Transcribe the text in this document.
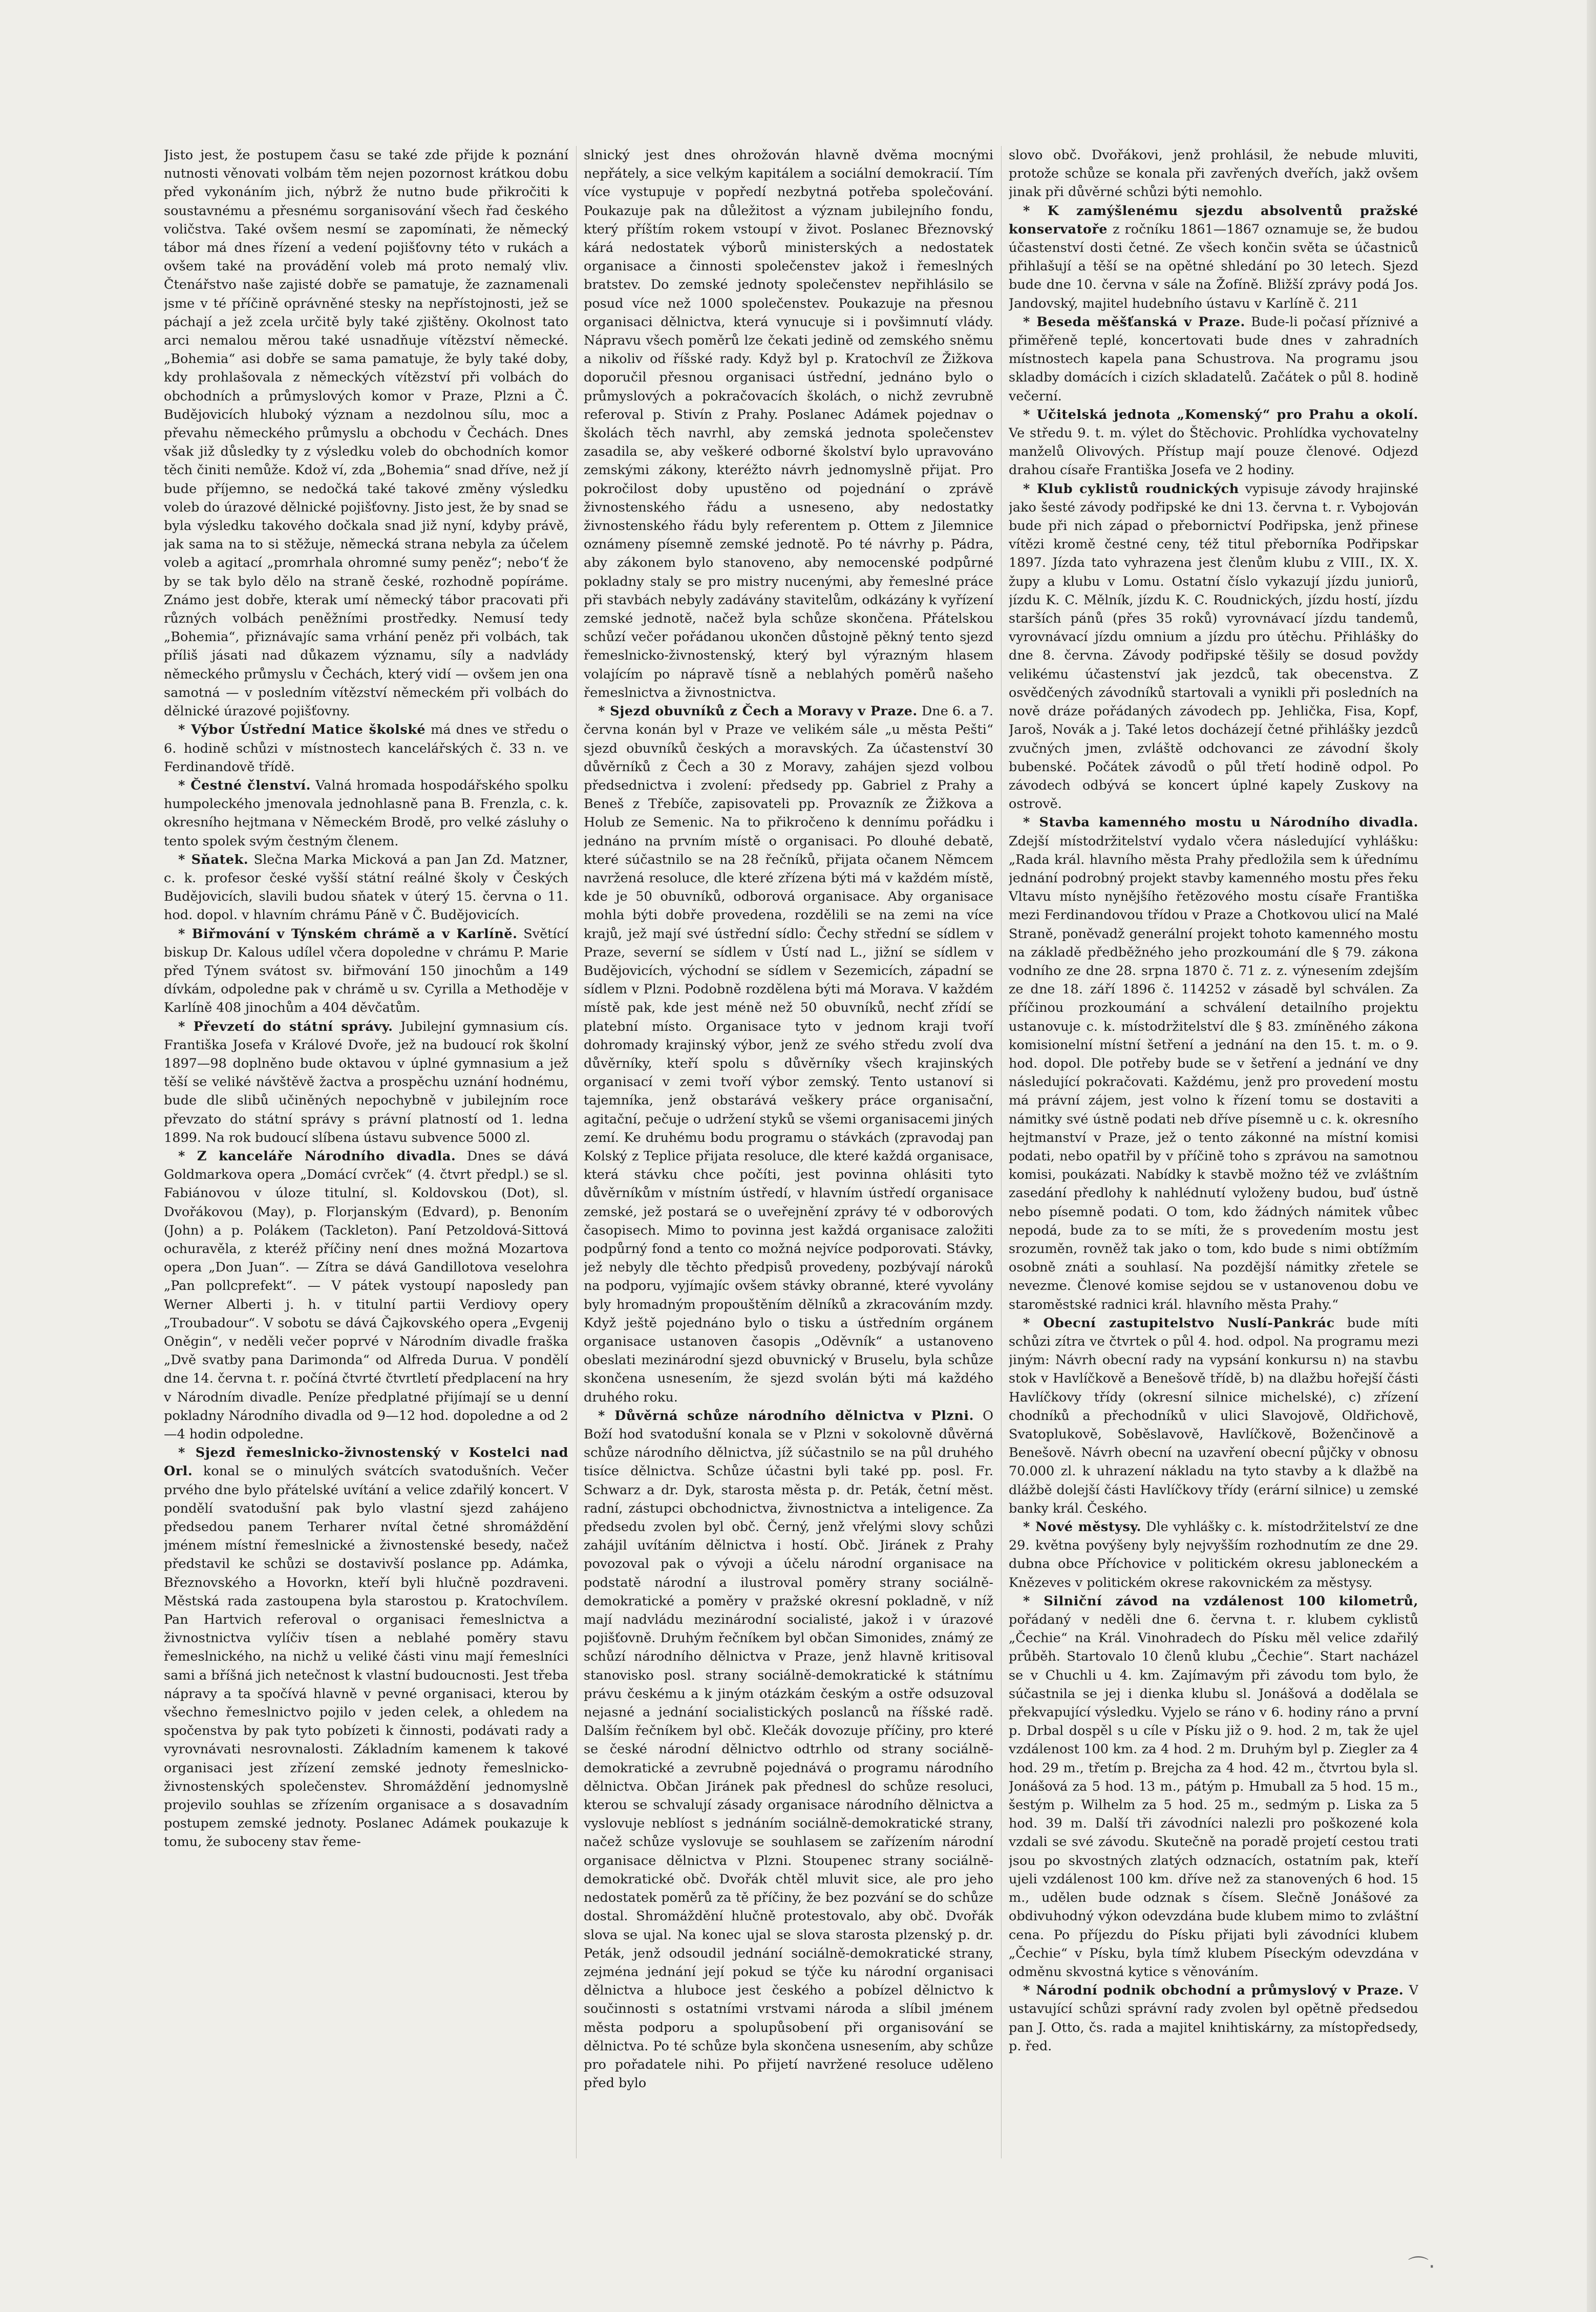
Jisto jest, že postupem času se také zde přijde k poznání nutnosti věnovati volbám těm nejen pozornost krátkou dobu před vykonáním jich, nýbrž že nutno bude přikročiti k soustavnému a přesnému sorganisování všech řad českého voličstva. Také ovšem nesmí se zapomínati, že německý tábor má dnes řízení a vedení pojišťovny této v rukách a ovšem také na provádění voleb má proto nemalý vliv. Čtenářstvo naše zajisté dobře se pamatuje, že zaznamenali jsme v té příčině oprávněné stesky na nepřístojnosti, jež se páchají a jež zcela určitě byly také zjištěny. Okolnost tato arci nemalou měrou také usnadňuje vítězství německé. „Bohemia“ asi dobře se sama pamatuje, že byly také doby, kdy prohlašovala z německých vítězství při volbách do obchodních a průmyslových komor v Praze, Plzni a Č. Budějovicích hluboký význam a nezdolnou sílu, moc a převahu německého průmyslu a obchodu v Čechách. Dnes však již důsledky ty z výsledku voleb do obchodních komor těch činiti nemůže. Kdož ví, zda „Bohemia“ snad dříve, než jí bude příjemno, se nedočká také takové změny výsledku voleb do úrazové dělnické pojišťovny. Jisto jest, že by snad se byla výsledku takového dočkala snad již nyní, kdyby právě, jak sama na to si stěžuje, německá strana nebyla za účelem voleb a agitací „promrhala ohromné sumy peněz“; nebo‘ť že by se tak bylo dělo na straně české, rozhodně popíráme. Známo jest dobře, kterak umí německý tábor pracovati při různých volbách peněžními prostředky. Nemusí tedy „Bohemia“, přiznávajíc sama vrhání peněz při volbách, tak příliš jásati nad důkazem významu, síly a nadvlády německého průmyslu v Čechách, který vidí — ovšem jen ona samotná — v posledním vítězství německém při volbách do dělnické úrazové pojišťovny.

* Výbor Ústřední Matice školské má dnes ve středu o 6. hodině schůzi v místnostech kancelářských č. 33 n. ve Ferdinandově třídě.

* Čestné členství. Valná hromada hospodářského spolku humpoleckého jmenovala jednohlasně pana B. Frenzla, c. k. okresního hejtmana v Německém Brodě, pro velké zásluhy o tento spolek svým čestným členem.

* Sňatek. Slečna Marka Micková a pan Jan Zd. Matzner, c. k. profesor české vyšší státní reálné školy v Českých Budějovicích, slavili budou sňatek v úterý 15. června o 11. hod. dopol. v hlavním chrámu Páně v Č. Budějovicích.

* Biřmování v Týnském chrámě a v Karlíně. Světící biskup Dr. Kalous udílel včera dopoledne v chrámu P. Marie před Týnem svátost sv. biřmování 150 jinochům a 149 dívkám, odpoledne pak v chrámě u sv. Cyrilla a Methoděje v Karlíně 408 jinochům a 404 děvčatům.

* Převzetí do státní správy. Jubilejní gymnasium cís. Františka Josefa v Králové Dvoře, jež na budoucí rok školní 1897—98 doplněno bude oktavou v úplné gymnasium a jež těší se veliké návštěvě žactva a prospěchu uznání hodnému, bude dle slibů učiněných nepochybně v jubilejním roce převzato do státní správy s právní platností od 1. ledna 1899. Na rok budoucí slíbena ústavu subvence 5000 zl.

* Z kanceláře Národního divadla. Dnes se dává Goldmarkova opera „Domácí cvrček“ (4. čtvrt předpl.) se sl. Fabiánovou v úloze titulní, sl. Koldovskou (Dot), sl. Dvořákovou (May), p. Florjanským (Edvard), p. Benoním (John) a p. Polákem (Tackleton). Paní Petzoldová-Sittová ochuravěla, z kteréž příčiny není dnes možná Mozartova opera „Don Juan“. — Zítra se dává Gandillotova veselohra „Pan pollcprefekt“. — V pátek vystoupí naposledy pan Werner Alberti j. h. v titulní partii Verdiovy opery „Troubadour“. V sobotu se dává Čajkovského opera „Evgenij Oněgin“, v neděli večer poprvé v Národním divadle fraška „Dvě svatby pana Darimonda“ od Alfreda Duruа. V pondělí dne 14. června t. r. počíná čtvrté čtvrtletí předplacení na hry v Národním divadle. Peníze předplatné přijímají se u denní pokladny Národního divadla od 9—12 hod. dopoledne a od 2—4 hodin odpoledne.

* Sjezd řemeslnicko-živnostenský v Kostelci nad Orl. konal se o minulých svátcích svatodušních. Večer prvého dne bylo přátelské uvítání a velice zdařilý koncert. V pondělí svatodušní pak bylo vlastní sjezd zahájeno předsedou panem Terharer nvítal četné shromáždění jménem místní řemeslnické a živnostenské besedy, načež představil ke schůzi se dostavivší poslance pp. Adámka, Březnovského a Hovorkn, kteří byli hlučně pozdraveni. Městská rada zastoupena byla starostou p. Kratochvílem. Pan Hartvich referoval o organisaci řemeslnictva a živnostnictva vylíčiv tísen a neblahé poměry stavu řemeslnického, na nichž u veliké části vinu mají řemeslníci sami a bříšná jich netečnost k vlastní budoucnosti. Jest třeba nápravy a ta spočívá hlavně v pevné organisaci, kterou by všechno řemeslnictvo pojilo v jeden celek, a ohledem na spočenstva by pak tyto pobízeti k činnosti, podávati rady a vyrovnávati nesrovnalosti. Základním kamenem k takové organisaci jest zřízení zemské jednoty řemeslnicko-živnostenských společenstev. Shromáždění jednomyslně projevilo souhlas se zřízením organisace a s dosavadním postupem zemské jednoty. Poslanec Adámek poukazuje k tomu, že suboceny stav řeme-

slnický jest dnes ohrožován hlavně dvěma mocnými nepřátely, a sice velkým kapitálem a sociální demokracií. Tím více vystupuje v popředí nezbytná potřeba společování. Poukazuje pak na důležitost a význam jubilejního fondu, který příštím rokem vstoupí v život. Poslanec Březnovský kárá nedostatek výborů ministerských a nedostatek organisace a činnosti společenstev jakož i řemeslných bratstev. Do zemské jednoty společenstev nepřihlásilo se posud více než 1000 společenstev. Poukazuje na přesnou organisaci dělnictva, která vynucuje si i povšimnutí vlády. Nápravu všech poměrů lze čekati jedině od zemského sněmu a nikoliv od říšské rady. Když byl p. Kratochvíl ze Žižkova doporučil přesnou organisaci ústřední, jednáno bylo o průmyslových a pokračovacích školách, o nichž zevrubně referoval p. Stivín z Prahy. Poslanec Adámek pojednav o školách těch navrhl, aby zemská jednota společenstev zasadila se, aby veškeré odborné školství bylo upravováno zemskými zákony, kteréžto návrh jednomyslně přijat. Pro pokročilost doby upustěno od pojednání o zprávě živnostenského řádu a usneseno, aby nedostatky živnostenského řádu byly referentem p. Ottem z Jilemnice oznámeny písemně zemské jednotě. Po té návrhy p. Pádra, aby zákonem bylo stanoveno, aby nemocenské podpůrné pokladny staly se pro mistry nucenými, aby řemeslné práce při stavbách nebyly zadávány stavitelům, odkázány k vyřízení zemské jednotě, načež byla schůze skončena. Přátelskou schůzí večer pořádanou ukončen důstojně pěkný tento sjezd řemeslnicko-živnostenský, který byl výrazným hlasem volajícím po nápravě tísně a neblahých poměrů našeho řemeslnictva a živnostnictva.

* Sjezd obuvníků z Čech a Moravy v Praze. Dne 6. a 7. června konán byl v Praze ve velikém sále „u města Pešti“ sjezd obuvníků českých a moravských. Za účastenství 30 důvěrníků z Čech a 30 z Moravy, zahájen sjezd volbou předsednictva i zvolení: předsedy pp. Gabriel z Prahy a Beneš z Třebíče, zapisovateli pp. Provazník ze Žižkova a Holub ze Semenic. Na to přikročeno k dennímu pořádku i jednáno na prvním místě o organisaci. Po dlouhé debatě, které súčastnilo se na 28 řečníků, přijata očanem Němcem navržená resoluce, dle které zřízena býti má v každém místě, kde je 50 obuvníků, odborová organisace. Aby organisace mohla býti dobře provedena, rozdělili se na zemi na více krajů, jež mají své ústřední sídlo: Čechy střední se sídlem v Praze, severní se sídlem v Ústí nad L., jižní se sídlem v Budějovicích, východní se sídlem v Sezemicích, západní se sídlem v Plzni. Podobně rozdělena býti má Morava. V každém místě pak, kde jest méně než 50 obuvníků, nechť zřídí se platební místo. Organisace tyto v jednom kraji tvoří dohromady krajinský výbor, jenž ze svého středu zvolí dva důvěrníky, kteří spolu s důvěrníky všech krajinských organisací v zemi tvoří výbor zemský. Tento ustanoví si tajemníka, jenž obstarává veškery práce organisační, agitační, pečuje o udržení styků se všemi organisacemi jiných zemí. Ke druhému bodu programu o stávkách (zpravodaj pan Kolský z Teplice přijata resoluce, dle které každá organisace, která stávku chce počíti, jest povinna ohlásiti tyto důvěrníkům v místním ústředí, v hlavním ústředí organisace zemské, jež postará se o uveřejnění zprávy té v odborových časopisech. Mimo to povinna jest každá organisace založiti podpůrný fond a tento co možná nejvíce podporovati. Stávky, jež nebyly dle těchto předpisů provedeny, pozbývají nároků na podporu, vyjímajíc ovšem stávky obranné, které vyvolány byly hromadným propouštěním dělníků a zkracováním mzdy. Když ještě pojednáno bylo o tisku a ústředním orgánem organisace ustanoven časopis „Oděvník“ a ustanoveno obeslati mezinárodní sjezd obuvnický v Bruselu, byla schůze skončena usnesením, že sjezd svolán býti má každého druhého roku.

* Důvěrná schůze národního dělnictva v Plzni. O Boží hod svatodušní konala se v Plzni v sokolovně důvěrná schůze národního dělnictva, jíž súčastnilo se na půl druhého tisíce dělnictva. Schůze účastni byli také pp. posl. Fr. Schwarz a dr. Dyk, starosta města p. dr. Peták, četní měst. radní, zástupci obchodnictva, živnostnictva a inteligence. Za předsedu zvolen byl obč. Černý, jenž vřelými slovy schůzi zahájil uvítáním dělnictva i hostí. Obč. Jiránek z Prahy povozoval pak o vývoji a účelu národní organisace na podstatě národní a ilustroval poměry strany sociálně-demokratické a poměry v pražské okresní pokladně, v níž mají nadvládu mezinárodní socialisté, jakož i v úrazové pojišťovně. Druhým řečníkem byl občan Simonides, známý ze schůzí národního dělnictva v Praze, jenž hlavně kritisoval stanovisko posl. strany sociálně-demokratické k státnímu právu českému a k jiným otázkám českým a ostře odsuzoval nejasné a jednání socialistických poslanců na říšské radě. Dalším řečníkem byl obč. Klečák dovozuje příčiny, pro které se české národní dělnictvo odtrhlo od strany sociálně-demokratické a zevrubně pojednává o programu národního dělnictva. Občan Jiránek pak přednesl do schůze resoluci, kterou se schvalují zásady organisace národního dělnictva a vyslovuje neblíost s jednáním sociálně-demokratické strany, načež schůze vyslovuje se souhlasem se zařízením národní organisace dělnictva v Plzni. Stoupenec strany sociálně-demokratické obč. Dvořák chtěl mluvit sice, ale pro jeho nedostatek poměrů za tě příčiny, že bez pozvání se do schůze dostal. Shromáždění hlučně protestovalo, aby obč. Dvořák slova se ujal. Na konec ujal se slova starosta plzenský p. dr. Peták, jenž odsoudil jednání sociálně-demokratické strany, zejména jednání její pokud se týče ku národní organisaci dělnictva a hluboce jest českého a pobízel dělnictvo k součinnosti s ostatními vrstvami národa a slíbil jménem města podporu a spolupůsobení při organisování se dělnictva. Po té schůze byla skončena usnesením, aby schůze pro pořadatele nihi. Po přijetí navržené resoluce uděleno před bylo

slovo obč. Dvořákovi, jenž prohlásil, že nebude mluviti, protože schůze se konala při zavřených dveřích, jakž ovšem jinak při důvěrné schůzi býti nemohlo.

* K zamýšlenému sjezdu absolventů pražské konservatoře z ročníku 1861—1867 oznamuje se, že budou účastenství dosti četné. Ze všech končin světa se účastniců přihlašují a těší se na opětné shledání po 30 letech. Sjezd bude dne 10. června v sále na Žofíně. Bližší zprávy podá Jos. Jandovský, majitel hudebního ústavu v Karlíně č. 211

* Beseda měšťanská v Praze. Bude-li počasí příznivé a přiměřeně teplé, koncertovati bude dnes v zahradních místnostech kapela pana Schustrova. Na programu jsou skladby domácích i cizích skladatelů. Začátek o půl 8. hodině večerní.

* Učitelská jednota „Komenský“ pro Prahu a okolí. Ve středu 9. t. m. výlet do Štěchovic. Prohlídka vychovatelny manželů Olivových. Přístup mají pouze členové. Odjezd drahou císaře Františka Josefa ve 2 hodiny.

* Klub cyklistů roudnických vypisuje závody hrajinské jako šesté závody podřipské ke dni 13. června t. r. Vybojován bude při nich západ o přebornictví Podřipska, jenž přinese vítězi kromě čestné ceny, též titul přeborníka Podřipskar 1897. Jízda tato vyhrazena jest členům klubu z VIII., IX. X. župy a klubu v Lomu. Ostatní číslo vykazují jízdu juniorů, jízdu K. C. Mělník, jízdu K. C. Roudnických, jízdu hostí, jízdu starších pánů (přes 35 roků) vyrovnávací jízdu tandemů, vyrovnávací jízdu omnium a jízdu pro útěchu. Přihlášky do dne 8. června. Závody podřipské těšily se dosud povždy velikému účastenství jak jezdců, tak obecenstva. Z osvědčených závodníků startovali a vynikli při posledních na nově dráze pořádaných závodech pp. Jehlička, Fisa, Kopf, Jaroš, Novák a j. Také letos docházejí četné přihlášky jezdců zvučných jmen, zvláště odchovanci ze závodní školy bubenské. Počátek závodů o půl třetí hodině odpol. Po závodech odbývá se koncert úplné kapely Zuskovy na ostrově.

* Stavba kamenného mostu u Národního divadla. Zdejší místodržitelství vydalo včera následující vyhlášku: „Rada král. hlavního města Prahy předložila sem k úřednímu jednání podrobný projekt stavby kamenného mostu přes řeku Vltavu místo nynějšího řetězového mostu císaře Františka mezi Ferdinandovou třídou v Praze a Chotkovou ulicí na Malé Straně, poněvadž generální projekt tohoto kamenného mostu na základě předběžného jeho prozkoumání dle § 79. zákona vodního ze dne 28. srpna 1870 č. 71 z. z. výnesením zdejším ze dne 18. září 1896 č. 114252 v zásadě byl schválen. Za příčinou prozkoumání a schválení detailního projektu ustanovuje c. k. místodržitelství dle § 83. zmíněného zákona komisionelní místní šetření a jednání na den 15. t. m. o 9. hod. dopol. Dle potřeby bude se v šetření a jednání ve dny následující pokračovati. Každému, jenž pro provedení mostu má právní zájem, jest volno k řízení tomu se dostaviti a námitky své ústně podati neb dříve písemně u c. k. okresního hejtmanství v Praze, jež o tento zákonné na místní komisi podati, nebo opatřil by v příčině toho s zprávou na samotnou komisi, poukázati. Nabídky k stavbě možno též ve zvláštním zasedání předlohy k nahlédnutí vyloženy budou, buď ústně nebo písemně podati. O tom, kdo žádných námitek vůbec nepodá, bude za to se míti, že s provedením mostu jest srozuměn, rovněž tak jako o tom, kdo bude s nimi obtížmím osobně znáti a souhlasí. Na pozdější námitky zřetele se nevezme. Členové komise sejdou se v ustanovenou dobu ve staroměstské radnici král. hlavního města Prahy.“

* Obecní zastupitelstvo Nuslí-Pankrác bude míti schůzi zítra ve čtvrtek o půl 4. hod. odpol. Na programu mezi jiným: Návrh obecní rady na vypsání konkursu n) na stavbu stok v Havlíčkově a Benešově třídě, b) na dlažbu hořejší části Havlíčkovy třídy (okresní silnice michelské), c) zřízení chodníků a přechodníků v ulici Slavojově, Oldřichově, Svatoplukově, Soběslavově, Havlíčkově, Boženčinově a Benešově. Návrh obecní na uzavření obecní půjčky v obnosu 70.000 zl. k uhrazení nákladu na tyto stavby a k dlažbě na dlážbě dolejší části Havlíčkovy třídy (erární silnice) u zemské banky král. Českého.

* Nové městysy. Dle vyhlášky c. k. místodržitelství ze dne 29. května povýšeny byly nejvyšším rozhodnutím ze dne 29. dubna obce Příchovice v politickém okresu jabloneckém a Knězeves v politickém okrese rakovnickém za městysy.

* Silniční závod na vzdálenost 100 kilometrů, pořádaný v neděli dne 6. června t. r. klubem cyklistů „Čechie“ na Král. Vinohradech do Písku měl velice zdařilý průběh. Startovalo 10 členů klubu „Čechie“. Start nacházel se v Chuchli u 4. km. Zajímavým při závodu tom bylo, že súčastnila se jej i dienka klubu sl. Jonášová a dodělala se překvapující výsledku. Vyjelo se ráno v 6. hodiny ráno a první p. Drbal dospěl s u cíle v Písku již o 9. hod. 2 m, tak že ujel vzdálenost 100 km. za 4 hod. 2 m. Druhým byl p. Ziegler za 4 hod. 29 m., třetím p. Brejcha za 4 hod. 42 m., čtvrtou byla sl. Jonášová za 5 hod. 13 m., pátým p. Hmuball za 5 hod. 15 m., šestým p. Wilhelm za 5 hod. 25 m., sedmým p. Liska za 5 hod. 39 m. Další tři závodníci nalezli pro poškozené kola vzdali se své závodu. Skutečně na poradě projetí cestou trati jsou po skvostných zlatých odznacích, ostatním pak, kteří ujeli vzdálenost 100 km. dříve než za stanovených 6 hod. 15 m., udělen bude odznak s čísem. Slečně Jonášové za obdivuhodný výkon odevzdána bude klubem mimo to zvláštní cena. Po příjezdu do Písku přijati byli závodníci klubem „Čechie“ v Písku, byla tímž klubem Píseckým odevzdána v odměnu skvostná kytice s věnováním.

* Národní podnik obchodní a průmyslový v Praze. V ustavující schůzi správní rady zvolen byl opětně předsedou pan J. Otto, čs. rada a majitel knihtiskárny, za místopředsedy, p. řed.

⌒·
